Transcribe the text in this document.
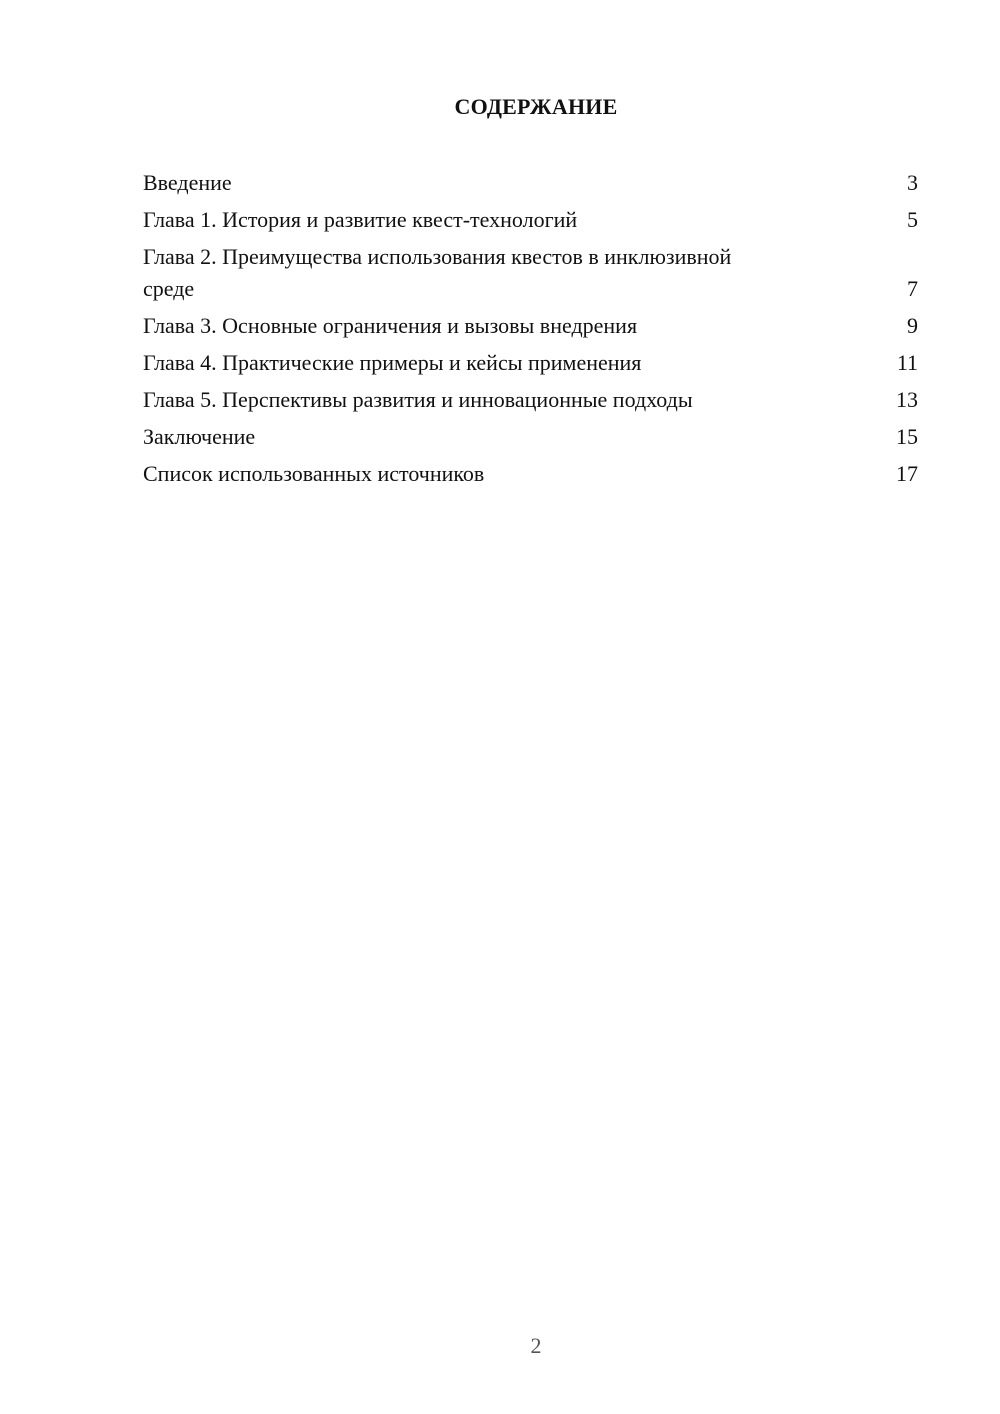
СОДЕРЖАНИЕ
Введение	3
Глава 1. История и развитие квест-технологий	5
Глава 2. Преимущества использования квестов в инклюзивной
среде	7
Глава 3. Основные ограничения и вызовы внедрения	9
Глава 4. Практические примеры и кейсы применения	11
Глава 5. Перспективы развития и инновационные подходы	13
Заключение	15
Список использованных источников	17
2
